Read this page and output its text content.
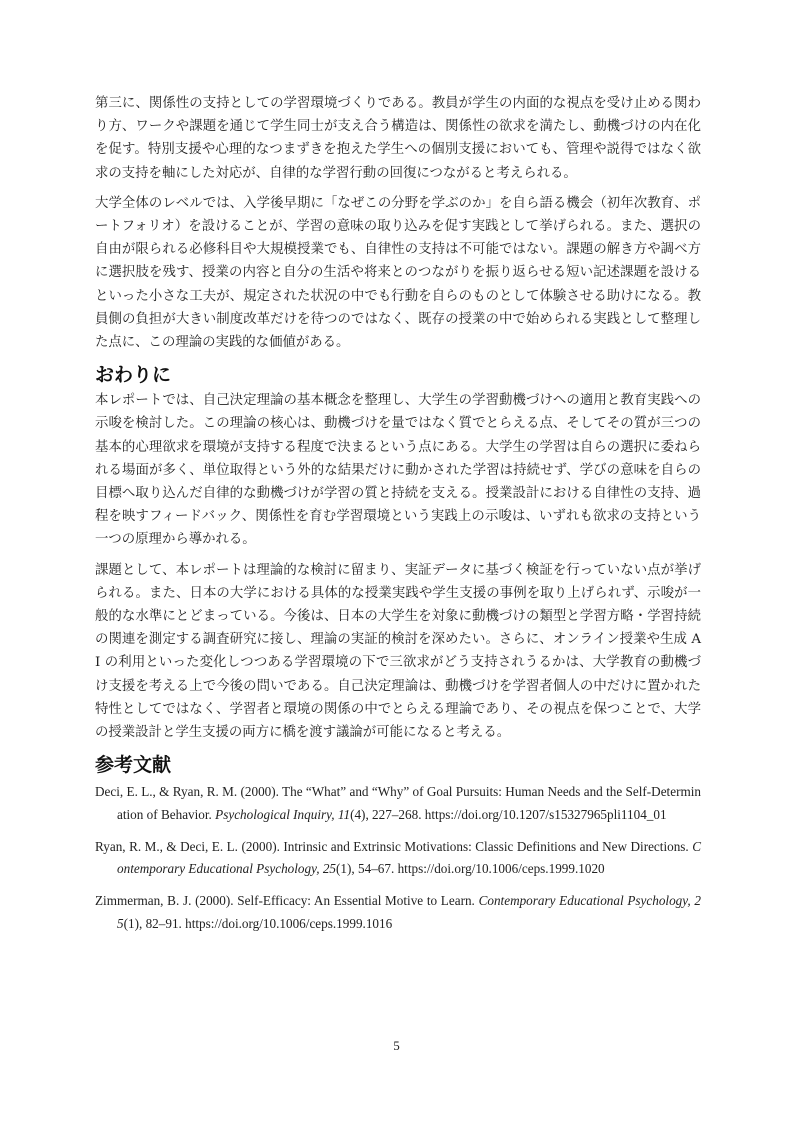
第三に、関係性の支持としての学習環境づくりである。教員が学生の内面的な視点を受け止める関わり方、ワークや課題を通じて学生同士が支え合う構造は、関係性の欲求を満たし、動機づけの内在化を促す。特別支援や心理的なつまずきを抱えた学生への個別支援においても、管理や説得ではなく欲求の支持を軸にした対応が、自律的な学習行動の回復につながると考えられる。

大学全体のレベルでは、入学後早期に「なぜこの分野を学ぶのか」を自ら語る機会（初年次教育、ポートフォリオ）を設けることが、学習の意味の取り込みを促す実践として挙げられる。また、選択の自由が限られる必修科目や大規模授業でも、自律性の支持は不可能ではない。課題の解き方や調べ方に選択肢を残す、授業の内容と自分の生活や将来とのつながりを振り返らせる短い記述課題を設けるといった小さな工夫が、規定された状況の中でも行動を自らのものとして体験させる助けになる。教員側の負担が大きい制度改革だけを待つのではなく、既存の授業の中で始められる実践として整理した点に、この理論の実践的な価値がある。

おわりに

本レポートでは、自己決定理論の基本概念を整理し、大学生の学習動機づけへの適用と教育実践への示唆を検討した。この理論の核心は、動機づけを量ではなく質でとらえる点、そしてその質が三つの基本的心理欲求を環境が支持する程度で決まるという点にある。大学生の学習は自らの選択に委ねられる場面が多く、単位取得という外的な結果だけに動かされた学習は持続せず、学びの意味を自らの目標へ取り込んだ自律的な動機づけが学習の質と持続を支える。授業設計における自律性の支持、過程を映すフィードバック、関係性を育む学習環境という実践上の示唆は、いずれも欲求の支持という一つの原理から導かれる。

課題として、本レポートは理論的な検討に留まり、実証データに基づく検証を行っていない点が挙げられる。また、日本の大学における具体的な授業実践や学生支援の事例を取り上げられず、示唆が一般的な水準にとどまっている。今後は、日本の大学生を対象に動機づけの類型と学習方略・学習持続の関連を測定する調査研究に接し、理論の実証的検討を深めたい。さらに、オンライン授業や生成 AI の利用といった変化しつつある学習環境の下で三欲求がどう支持されうるかは、大学教育の動機づけ支援を考える上で今後の問いである。自己決定理論は、動機づけを学習者個人の中だけに置かれた特性としてではなく、学習者と環境の関係の中でとらえる理論であり、その視点を保つことで、大学の授業設計と学生支援の両方に橋を渡す議論が可能になると考える。

参考文献
Deci, E. L., & Ryan, R. M. (2000). The “What” and “Why” of Goal Pursuits: Human Needs and the Self-Determination of Behavior. Psychological Inquiry, 11(4), 227–268. https://doi.org/10.1207/s15327965pli1104_01
Ryan, R. M., & Deci, E. L. (2000). Intrinsic and Extrinsic Motivations: Classic Definitions and New Directions. Contemporary Educational Psychology, 25(1), 54–67. https://doi.org/10.1006/ceps.1999.1020
Zimmerman, B. J. (2000). Self-Efficacy: An Essential Motive to Learn. Contemporary Educational Psychology, 25(1), 82–91. https://doi.org/10.1006/ceps.1999.1016
5
